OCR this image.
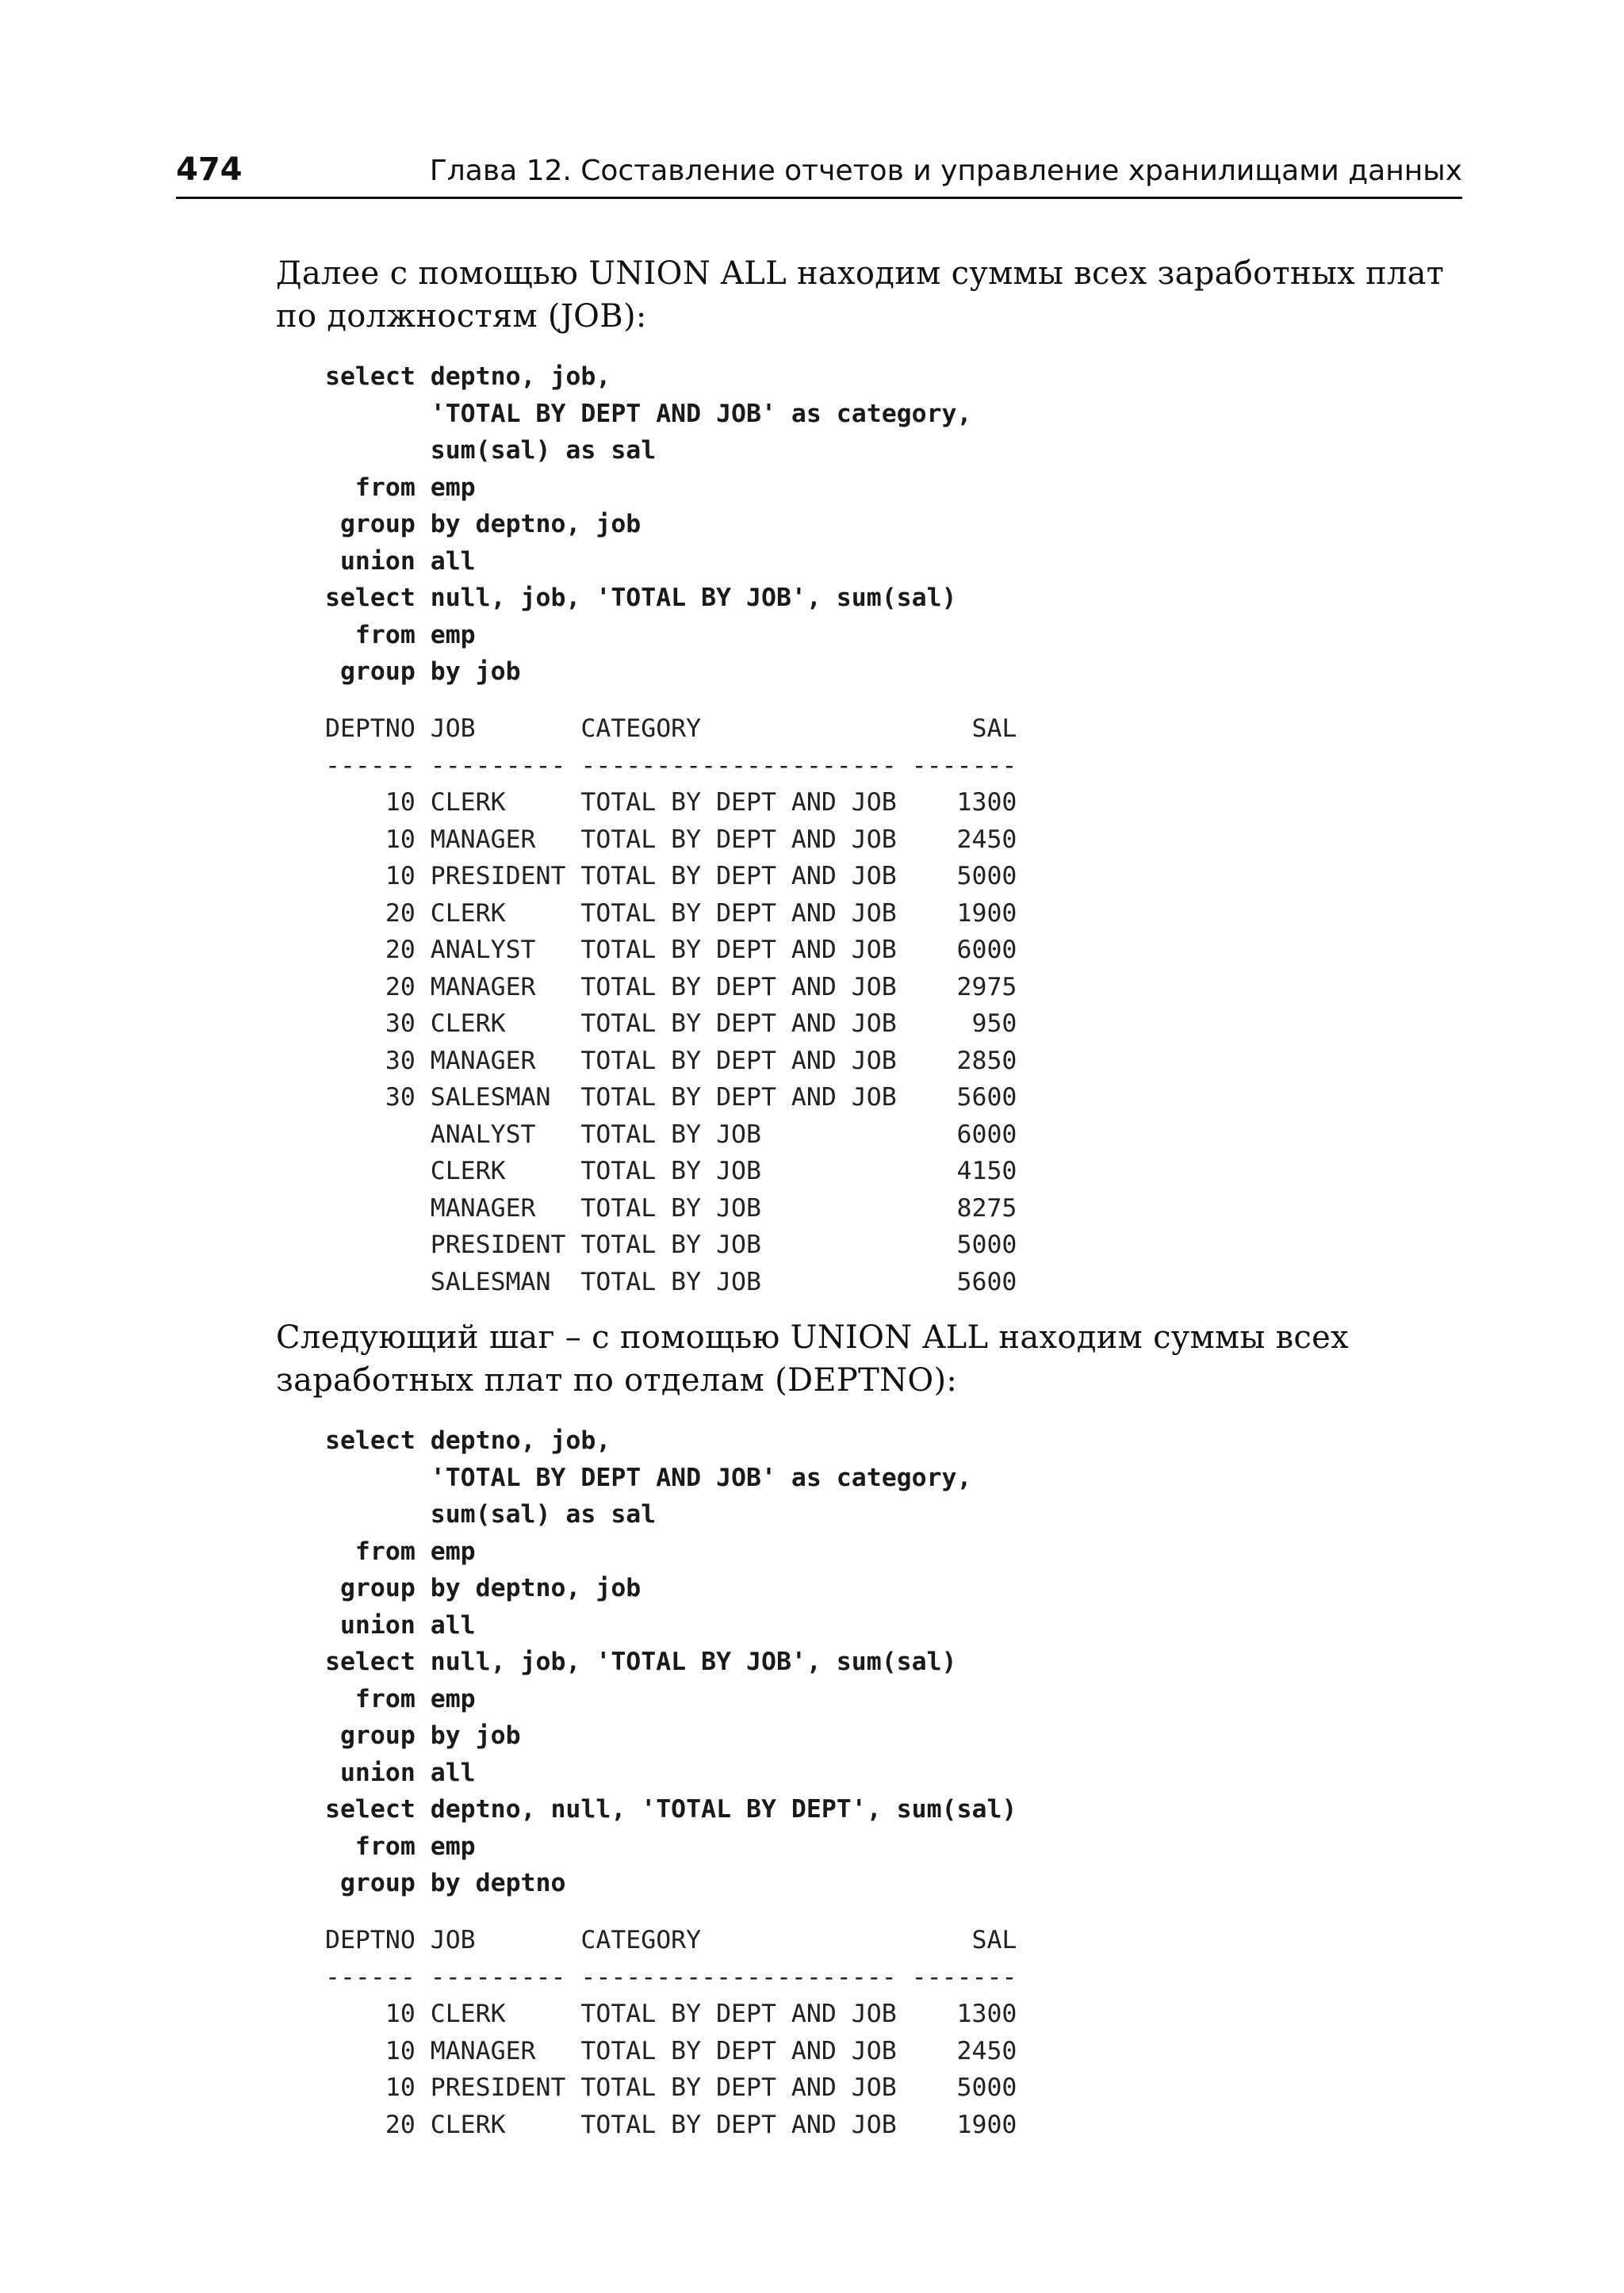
474	Глава 12. Составление отчетов и управление хранилищами данных
Далее с помощью UNION ALL находим суммы всех заработных плат по должностям (JOB):
select deptno, job,
'TOTAL BY DEPT AND JOB' as category,
sum(sal) as sal
from emp
group by deptno, job
union all
select null, job, 'TOTAL BY JOB', sum(sal)
from emp
group by job
DEPTNO JOB       CATEGORY                  SAL
------ --------- --------------------- -------
10 CLERK     TOTAL BY DEPT AND JOB    1300
10 MANAGER   TOTAL BY DEPT AND JOB    2450
10 PRESIDENT TOTAL BY DEPT AND JOB    5000
20 CLERK     TOTAL BY DEPT AND JOB    1900
20 ANALYST   TOTAL BY DEPT AND JOB    6000
20 MANAGER   TOTAL BY DEPT AND JOB    2975
30 CLERK     TOTAL BY DEPT AND JOB     950
30 MANAGER   TOTAL BY DEPT AND JOB    2850
30 SALESMAN  TOTAL BY DEPT AND JOB    5600
ANALYST   TOTAL BY JOB             6000
CLERK     TOTAL BY JOB             4150
MANAGER   TOTAL BY JOB             8275
PRESIDENT TOTAL BY JOB             5000
SALESMAN  TOTAL BY JOB             5600
Следующий шаг – с помощью UNION ALL находим суммы всех заработных плат по отделам (DEPTNO):
select deptno, job,
'TOTAL BY DEPT AND JOB' as category,
sum(sal) as sal
from emp
group by deptno, job
union all
select null, job, 'TOTAL BY JOB', sum(sal)
from emp
group by job
union all
select deptno, null, 'TOTAL BY DEPT', sum(sal)
from emp
group by deptno
DEPTNO JOB       CATEGORY                  SAL
------ --------- --------------------- -------
10 CLERK     TOTAL BY DEPT AND JOB    1300
10 MANAGER   TOTAL BY DEPT AND JOB    2450
10 PRESIDENT TOTAL BY DEPT AND JOB    5000
20 CLERK     TOTAL BY DEPT AND JOB    1900
